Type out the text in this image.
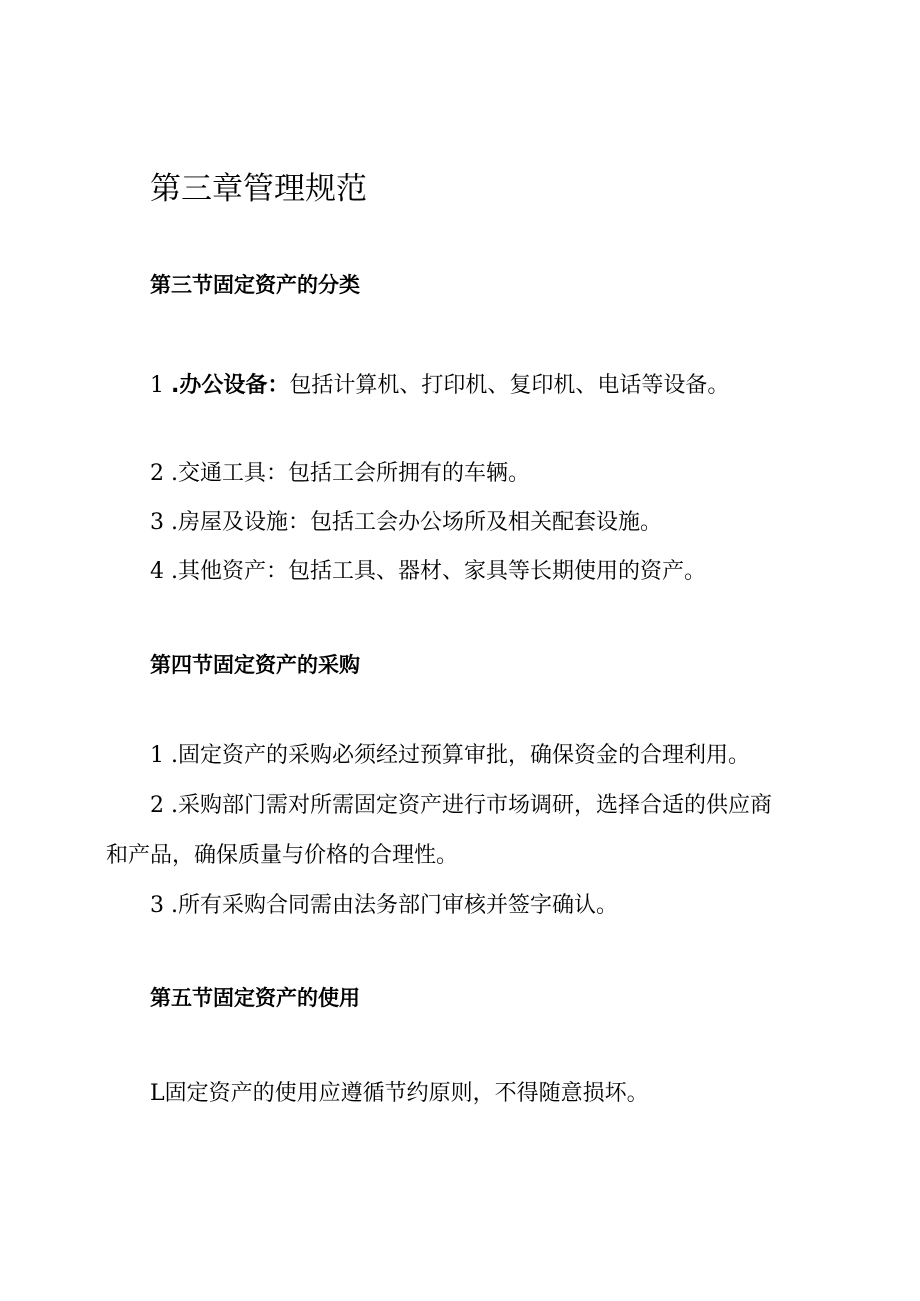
第三章管理规范
第三节固定资产的分类
1 .办公设备：包括计算机、打印机、复印机、电话等设备。
2 .交通工具：包括工会所拥有的车辆。
3 .房屋及设施：包括工会办公场所及相关配套设施。
4 .其他资产：包括工具、器材、家具等长期使用的资产。
第四节固定资产的采购
1 .固定资产的采购必须经过预算审批，确保资金的合理利用。
2 .采购部门需对所需固定资产进行市场调研，选择合适的供应商
和产品，确保质量与价格的合理性。
3 .所有采购合同需由法务部门审核并签字确认。
第五节固定资产的使用
L固定资产的使用应遵循节约原则，不得随意损坏。
